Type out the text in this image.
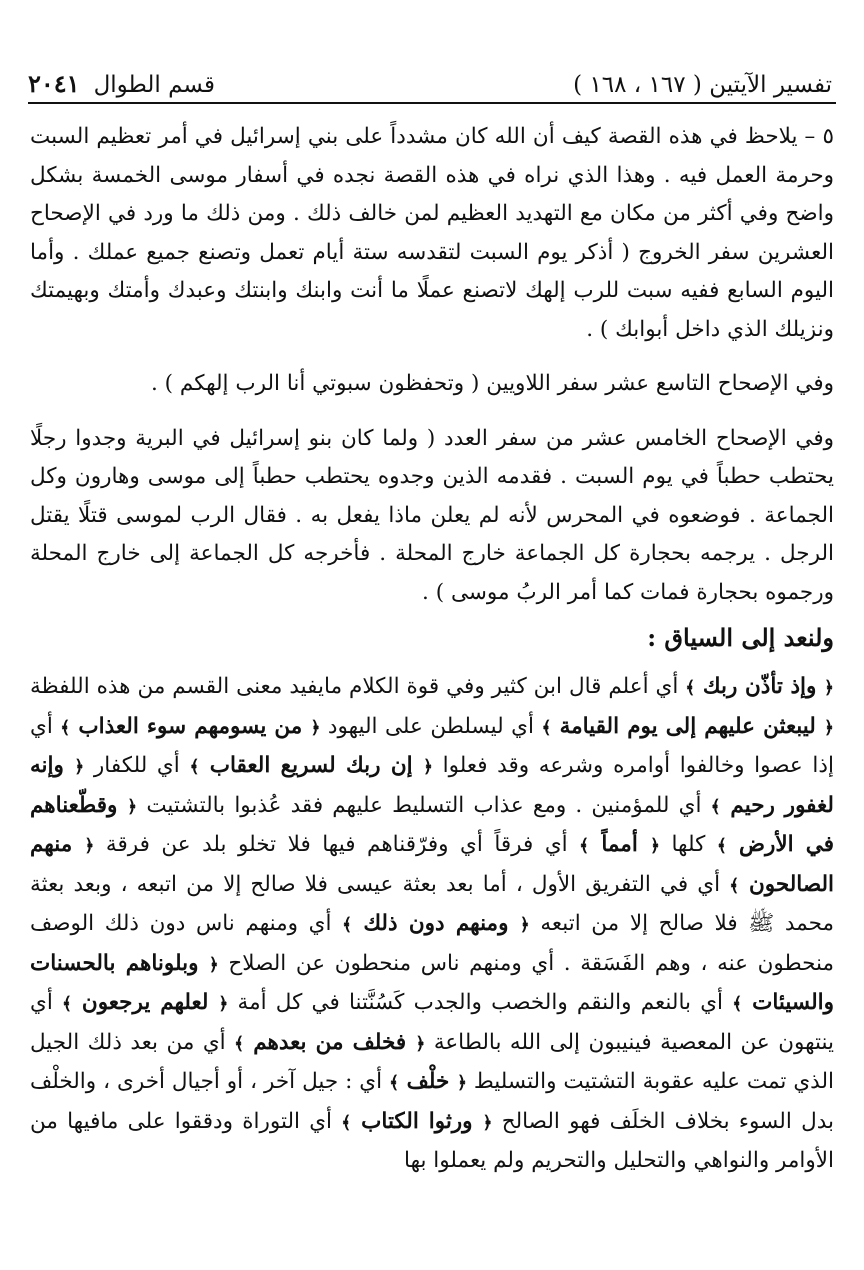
تفسير الآيتين ( ١٦٧ ، ١٦٨ )
قسم الطوال
٢٠٤١

٥ – يلاحظ في هذه القصة كيف أن الله كان مشدداً على بني إسرائيل في أمر تعظيم السبت وحرمة العمل فيه . وهذا الذي نراه في هذه القصة نجده في أسفار موسى الخمسة بشكل واضح وفي أكثر من مكان مع التهديد العظيم لمن خالف ذلك . ومن ذلك ما ورد في الإصحاح العشرين سفر الخروج ( أذكر يوم السبت لتقدسه ستة أيام تعمل وتصنع جميع عملك . وأما اليوم السابع ففيه سبت للرب إلهك لاتصنع عملًا ما أنت وابنك وابنتك وعبدك وأمتك وبهيمتك ونزيلك الذي داخل أبوابك ) .

وفي الإصحاح التاسع عشر سفر اللاويين ( وتحفظون سبوتي أنا الرب إلهكم ) .

وفي الإصحاح الخامس عشر من سفر العدد ( ولما كان بنو إسرائيل في البرية وجدوا رجلًا يحتطب حطباً في يوم السبت . فقدمه الذين وجدوه يحتطب حطباً إلى موسى وهارون وكل الجماعة . فوضعوه في المحرس لأنه لم يعلن ماذا يفعل به . فقال الرب لموسى قتلًا يقتل الرجل . يرجمه بحجارة كل الجماعة خارج المحلة . فأخرجه كل الجماعة إلى خارج المحلة ورجموه بحجارة فمات كما أمر الربُ موسى ) .

ولنعد إلى السياق :

﴿ وإذ تأذّن ربك ﴾ أي أعلم قال ابن كثير وفي قوة الكلام مايفيد معنى القسم من هذه اللفظة ﴿ ليبعثن عليهم إلى يوم القيامة ﴾ أي ليسلطن على اليهود ﴿ من يسومهم سوء العذاب ﴾ أي إذا عصوا وخالفوا أوامره وشرعه وقد فعلوا ﴿ إن ربك لسريع العقاب ﴾ أي للكفار ﴿ وإنه لغفور رحيم ﴾ أي للمؤمنين . ومع عذاب التسليط عليهم فقد عُذبوا بالتشتيت ﴿ وقطّعناهم في الأرض ﴾ كلها ﴿ أمماً ﴾ أي فرقاً أي وفرّقناهم فيها فلا تخلو بلد عن فرقة ﴿ منهم الصالحون ﴾ أي في التفريق الأول ، أما بعد بعثة عيسى فلا صالح إلا من اتبعه ، وبعد بعثة محمد ﷺ فلا صالح إلا من اتبعه ﴿ ومنهم دون ذلك ﴾ أي ومنهم ناس دون ذلك الوصف منحطون عنه ، وهم الفَسَقة . أي ومنهم ناس منحطون عن الصلاح ﴿ وبلوناهم بالحسنات والسيئات ﴾ أي بالنعم والنقم والخصب والجدب كَسُنَّتنا في كل أمة ﴿ لعلهم يرجعون ﴾ أي ينتهون عن المعصية فينيبون إلى الله بالطاعة ﴿ فخلف من بعدهم ﴾ أي من بعد ذلك الجيل الذي تمت عليه عقوبة التشتيت والتسليط ﴿ خلْف ﴾ أي : جيل آخر ، أو أجيال أخرى ، والخلْف بدل السوء بخلاف الخلَف فهو الصالح ﴿ ورثوا الكتاب ﴾ أي التوراة ودققوا على مافيها من الأوامر والنواهي والتحليل والتحريم ولم يعملوا بها
